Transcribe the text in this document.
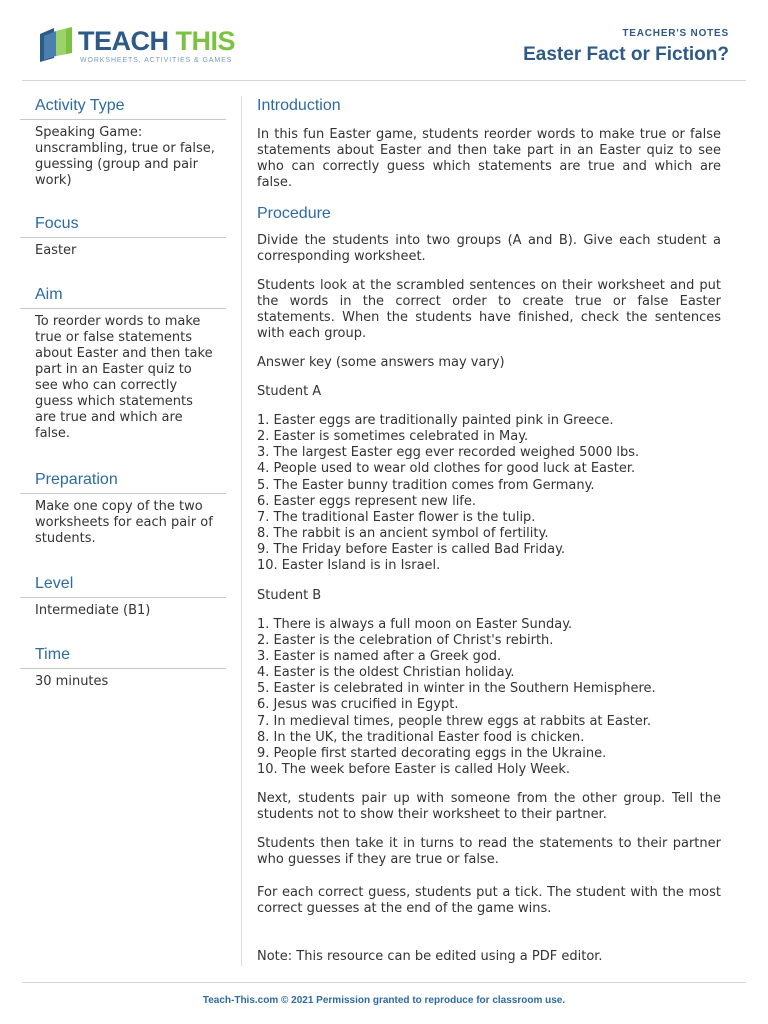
TEACH THIS
WORKSHEETS, ACTIVITIES & GAMES
TEACHER'S NOTES
Easter Fact or Fiction?
Activity Type
Speaking Game: unscrambling, true or false, guessing (group and pair work)
Focus
Easter
Aim
To reorder words to make true or false statements about Easter and then take part in an Easter quiz to see who can correctly guess which statements are true and which are false.
Preparation
Make one copy of the two worksheets for each pair of students.
Level
Intermediate (B1)
Time
30 minutes
Introduction
In this fun Easter game, students reorder words to make true or false statements about Easter and then take part in an Easter quiz to see who can correctly guess which statements are true and which are false.
Procedure
Divide the students into two groups (A and B). Give each student a corresponding worksheet.
Students look at the scrambled sentences on their worksheet and put the words in the correct order to create true or false Easter statements. When the students have finished, check the sentences with each group.
Answer key (some answers may vary)
Student A
1. Easter eggs are traditionally painted pink in Greece.
2. Easter is sometimes celebrated in May.
3. The largest Easter egg ever recorded weighed 5000 lbs.
4. People used to wear old clothes for good luck at Easter.
5. The Easter bunny tradition comes from Germany.
6. Easter eggs represent new life.
7. The traditional Easter flower is the tulip.
8. The rabbit is an ancient symbol of fertility.
9. The Friday before Easter is called Bad Friday.
10. Easter Island is in Israel.
Student B
1. There is always a full moon on Easter Sunday.
2. Easter is the celebration of Christ's rebirth.
3. Easter is named after a Greek god.
4. Easter is the oldest Christian holiday.
5. Easter is celebrated in winter in the Southern Hemisphere.
6. Jesus was crucified in Egypt.
7. In medieval times, people threw eggs at rabbits at Easter.
8. In the UK, the traditional Easter food is chicken.
9. People first started decorating eggs in the Ukraine.
10. The week before Easter is called Holy Week.
Next, students pair up with someone from the other group. Tell the students not to show their worksheet to their partner.
Students then take it in turns to read the statements to their partner who guesses if they are true or false.
For each correct guess, students put a tick. The student with the most correct guesses at the end of the game wins.
Note: This resource can be edited using a PDF editor.
Teach-This.com © 2021 Permission granted to reproduce for classroom use.
